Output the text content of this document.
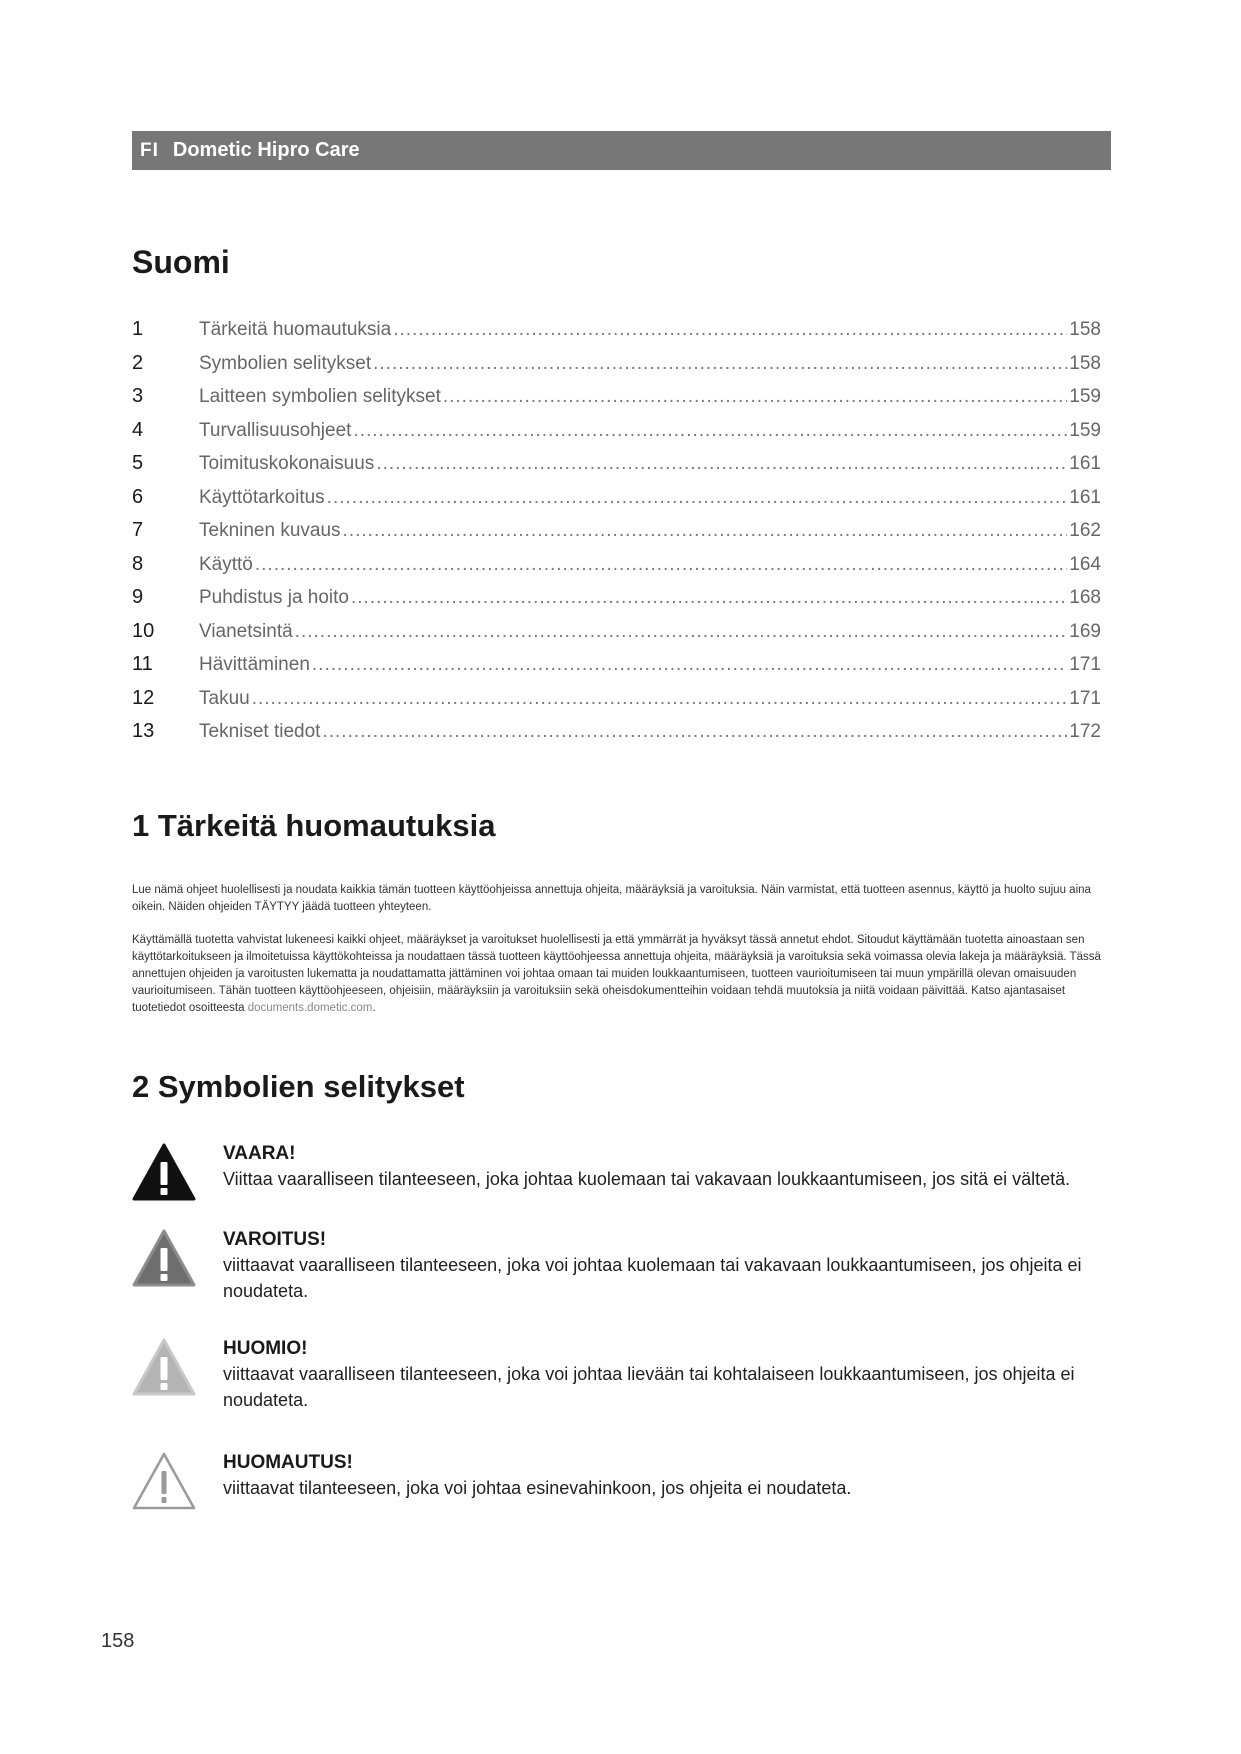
FI Dometic Hipro Care
Suomi
1	Tärkeitä huomautuksia .....	158
2	Symbolien selitykset .....	158
3	Laitteen symbolien selitykset .....	159
4	Turvallisuusohjeet .....	159
5	Toimituskokonaisuus .....	161
6	Käyttötarkoitus .....	161
7	Tekninen kuvaus .....	162
8	Käyttö .....	164
9	Puhdistus ja hoito .....	168
10	Vianetsintä .....	169
11	Hävittäminen .....	171
12	Takuu .....	171
13	Tekniset tiedot .....	172
1 Tärkeitä huomautuksia

Lue nämä ohjeet huolellisesti ja noudata kaikkia tämän tuotteen käyttöohjeissa annettuja ohjeita, määräyksiä ja varoituksia. Näin varmistat, että tuotteen asennus, käyttö ja huolto sujuu aina oikein. Näiden ohjeiden TÄYTYY jäädä tuotteen yhteyteen.

Käyttämällä tuotetta vahvistat lukeneesi kaikki ohjeet, määräykset ja varoitukset huolellisesti ja että ymmärrät ja hyväksyt tässä annetut ehdot. Sitoudut käyttämään tuotetta ainoastaan sen käyttötarkoitukseen ja ilmoitetuissa käyttökohteissa ja noudattaen tässä tuotteen käyttöohjeessa annettuja ohjeita, määräyksiä ja varoituksia sekä voimassa olevia lakeja ja määräyksiä. Tässä annettujen ohjeiden ja varoitusten lukematta ja noudattamatta jättäminen voi johtaa omaan tai muiden loukkaantumiseen, tuotteen vaurioitumiseen tai muun ympärillä olevan omaisuuden vaurioitumiseen. Tähän tuotteen käyttöohjeeseen, ohjeisiin, määräyksiin ja varoituksiin sekä oheisdokumentteihin voidaan tehdä muutoksia ja niitä voidaan päivittää. Katso ajantasaiset tuotetiedot osoitteesta documents.dometic.com.

2 Symbolien selitykset
VAARA!
Viittaa vaaralliseen tilanteeseen, joka johtaa kuolemaan tai vakavaan loukkaantumiseen, jos sitä ei vältetä.
VAROITUS!
viittaavat vaaralliseen tilanteeseen, joka voi johtaa kuolemaan tai vakavaan loukkaantumiseen, jos ohjeita ei noudateta.
HUOMIO!
viittaavat vaaralliseen tilanteeseen, joka voi johtaa lievään tai kohtalaiseen loukkaantumiseen, jos ohjeita ei noudateta.
HUOMAUTUS!
viittaavat tilanteeseen, joka voi johtaa esinevahinkoon, jos ohjeita ei noudateta.
158
